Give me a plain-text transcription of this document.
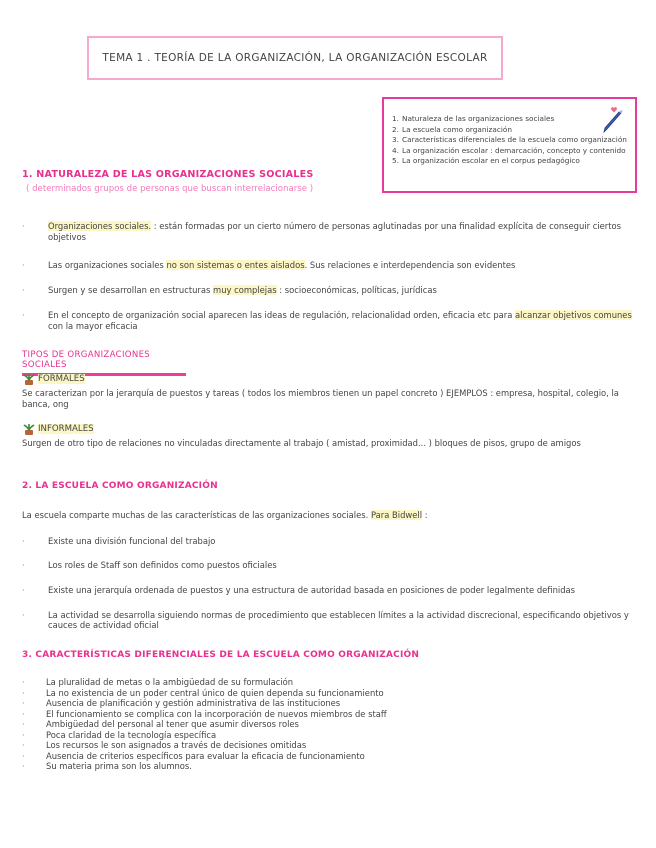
TEMA 1 . TEORÍA DE LA ORGANIZACIÓN, LA ORGANIZACIÓN ESCOLAR
1. Naturaleza de las organizaciones sociales
2. La escuela como organización
3. Características diferenciales de la escuela como organización
4. La organización escolar : demarcación, concepto y contenido
5. La organización escolar en el corpus pedagógico
1. NATURALEZA DE LAS ORGANIZACIONES SOCIALES
( determinados grupos de personas que buscan interrelacionarse )
· Organizaciones sociales. : están formadas por un cierto número de personas aglutinadas por una finalidad explícita de conseguir ciertos objetivos
· Las organizaciones sociales no son sistemas o entes aislados. Sus relaciones e interdependencia son evidentes
· Surgen y se desarrollan en estructuras muy complejas : socioeconómicas, políticas, jurídicas
· En el concepto de organización social aparecen las ideas de regulación, relacionalidad orden, eficacia etc para alcanzar objetivos comunes con la mayor eficacia
TIPOS DE ORGANIZACIONES SOCIALES
FORMALES
Se caracterizan por la jerarquía de puestos y tareas ( todos los miembros tienen un papel concreto ) EJEMPLOS : empresa, hospital, colegio, la banca, ong
INFORMALES
Surgen de otro tipo de relaciones no vinculadas directamente al trabajo ( amistad, proximidad... ) bloques de pisos, grupo de amigos
2. LA ESCUELA COMO ORGANIZACIÓN
La escuela comparte muchas de las características de las organizaciones sociales. Para Bidwell :
· Existe una división funcional del trabajo
· Los roles de Staff son definidos como puestos oficiales
· Existe una jerarquía ordenada de puestos y una estructura de autoridad basada en posiciones de poder legalmente definidas
· La actividad se desarrolla siguiendo normas de procedimiento que establecen límites a la actividad discrecional, especificando objetivos y cauces de actividad oficial
3. CARACTERÍSTICAS DIFERENCIALES DE LA ESCUELA COMO ORGANIZACIÓN
· La pluralidad de metas o la ambigüedad de su formulación
· La no existencia de un poder central único de quien dependa su funcionamiento
· Ausencia de planificación y gestión administrativa de las instituciones
· El funcionamiento se complica con la incorporación de nuevos miembros de staff
· Ambigüedad del personal al tener que asumir diversos roles
· Poca claridad de la tecnología específica
· Los recursos le son asignados a través de decisiones omitidas
· Ausencia de criterios específicos para evaluar la eficacia de funcionamiento
· Su materia prima son los alumnos.
